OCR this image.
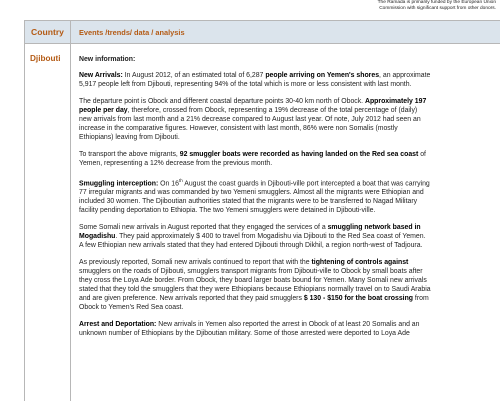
The Ramada is primarily funded by the European Union
Commission with significant support from other donors.
Country Events /trends/ data / analysis
Djibouti	New information:
New Arrivals: In August 2012, of an estimated total of 6,287 people arriving on Yemen's shores, an approximate
5,917 people left from Djibouti, representing 94% of the total which is more or less consistent with last month.
The departure point is Obock and different coastal departure points 30-40 km north of Obock. Approximately 197
people per day, therefore, crossed from Obock, representing a 19% decrease of the total percentage of (daily)
new arrivals from last month and a 21% decrease compared to August last year. Of note, July 2012 had seen an
increase in the comparative figures. However, consistent with last month, 86% were non Somalis (mostly
Ethiopians) leaving from Djibouti.
To transport the above migrants, 92 smuggler boats were recorded as having landed on the Red sea coast of
Yemen, representing a 12% decrease from the previous month.
Smuggling interception: On 16th August the coast guards in Djibouti-ville port intercepted a boat that was carrying
77 irregular migrants and was commanded by two Yemeni smugglers. Almost all the migrants were Ethiopian and
included 30 women. The Djiboutian authorities stated that the migrants were to be transferred to Nagad Military
facility pending deportation to Ethiopia. The two Yemeni smugglers were detained in Djibouti-ville.
Some Somali new arrivals in August reported that they engaged the services of a smuggling network based in
Mogadishu. They paid approximately $ 400 to travel from Mogadishu via Djibouti to the Red Sea coast of Yemen.
A few Ethiopian new arrivals stated that they had entered Djibouti through Dikhil, a region north-west of Tadjoura.
As previously reported, Somali new arrivals continued to report that with the tightening of controls against
smugglers on the roads of Djibouti, smugglers transport migrants from Djibouti-ville to Obock by small boats after
they cross the Loya Ade border. From Obock, they board larger boats bound for Yemen. Many Somali new arrivals
stated that they told the smugglers that they were Ethiopians because Ethiopians normally travel on to Saudi Arabia
and are given preference. New arrivals reported that they paid smugglers $ 130 - $150 for the boat crossing from
Obock to Yemen's Red Sea coast.
Arrest and Deportation: New arrivals in Yemen also reported the arrest in Obock of at least 20 Somalis and an
unknown number of Ethiopians by the Djiboutian military. Some of those arrested were deported to Loya Ade
